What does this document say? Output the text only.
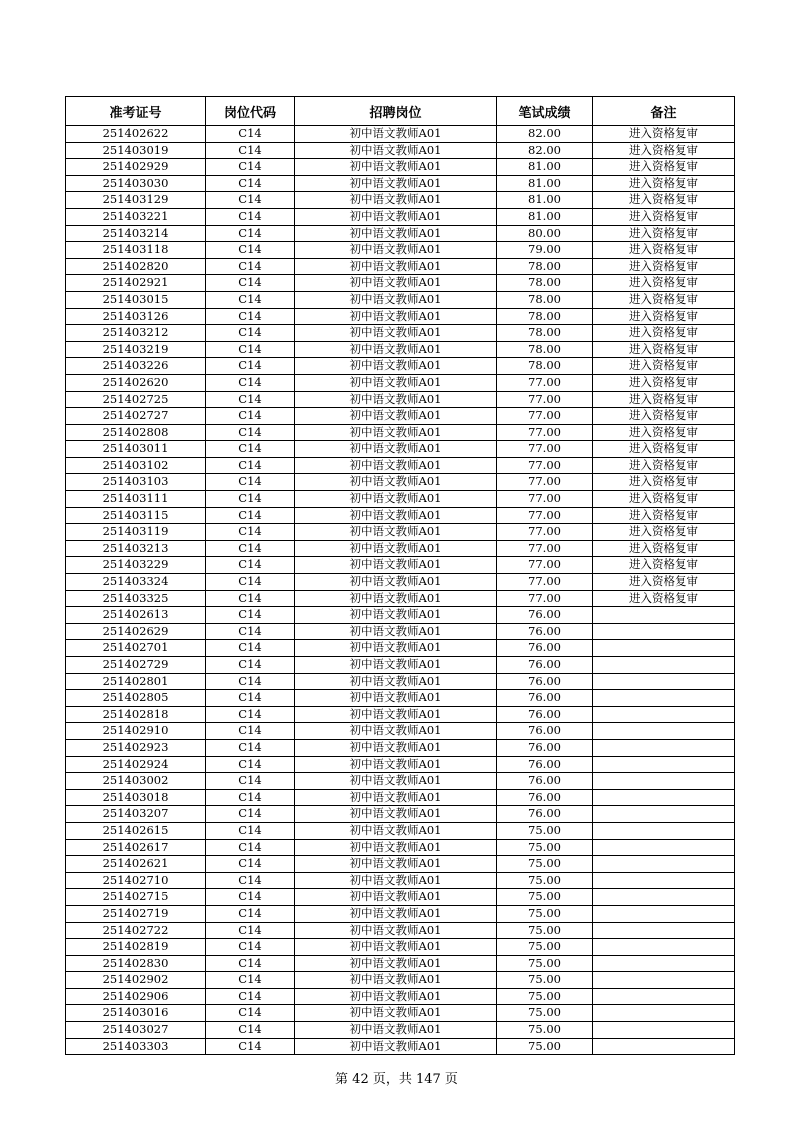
准考证号	岗位代码	招聘岗位	笔试成绩	备注
251402622	C14	初中语文教师A01	82.00	进入资格复审
251403019	C14	初中语文教师A01	82.00	进入资格复审
251402929	C14	初中语文教师A01	81.00	进入资格复审
251403030	C14	初中语文教师A01	81.00	进入资格复审
251403129	C14	初中语文教师A01	81.00	进入资格复审
251403221	C14	初中语文教师A01	81.00	进入资格复审
251403214	C14	初中语文教师A01	80.00	进入资格复审
251403118	C14	初中语文教师A01	79.00	进入资格复审
251402820	C14	初中语文教师A01	78.00	进入资格复审
251402921	C14	初中语文教师A01	78.00	进入资格复审
251403015	C14	初中语文教师A01	78.00	进入资格复审
251403126	C14	初中语文教师A01	78.00	进入资格复审
251403212	C14	初中语文教师A01	78.00	进入资格复审
251403219	C14	初中语文教师A01	78.00	进入资格复审
251403226	C14	初中语文教师A01	78.00	进入资格复审
251402620	C14	初中语文教师A01	77.00	进入资格复审
251402725	C14	初中语文教师A01	77.00	进入资格复审
251402727	C14	初中语文教师A01	77.00	进入资格复审
251402808	C14	初中语文教师A01	77.00	进入资格复审
251403011	C14	初中语文教师A01	77.00	进入资格复审
251403102	C14	初中语文教师A01	77.00	进入资格复审
251403103	C14	初中语文教师A01	77.00	进入资格复审
251403111	C14	初中语文教师A01	77.00	进入资格复审
251403115	C14	初中语文教师A01	77.00	进入资格复审
251403119	C14	初中语文教师A01	77.00	进入资格复审
251403213	C14	初中语文教师A01	77.00	进入资格复审
251403229	C14	初中语文教师A01	77.00	进入资格复审
251403324	C14	初中语文教师A01	77.00	进入资格复审
251403325	C14	初中语文教师A01	77.00	进入资格复审
251402613	C14	初中语文教师A01	76.00	
251402629	C14	初中语文教师A01	76.00	
251402701	C14	初中语文教师A01	76.00	
251402729	C14	初中语文教师A01	76.00	
251402801	C14	初中语文教师A01	76.00	
251402805	C14	初中语文教师A01	76.00	
251402818	C14	初中语文教师A01	76.00	
251402910	C14	初中语文教师A01	76.00	
251402923	C14	初中语文教师A01	76.00	
251402924	C14	初中语文教师A01	76.00	
251403002	C14	初中语文教师A01	76.00	
251403018	C14	初中语文教师A01	76.00	
251403207	C14	初中语文教师A01	76.00	
251402615	C14	初中语文教师A01	75.00	
251402617	C14	初中语文教师A01	75.00	
251402621	C14	初中语文教师A01	75.00	
251402710	C14	初中语文教师A01	75.00	
251402715	C14	初中语文教师A01	75.00	
251402719	C14	初中语文教师A01	75.00	
251402722	C14	初中语文教师A01	75.00	
251402819	C14	初中语文教师A01	75.00	
251402830	C14	初中语文教师A01	75.00	
251402902	C14	初中语文教师A01	75.00	
251402906	C14	初中语文教师A01	75.00	
251403016	C14	初中语文教师A01	75.00	
251403027	C14	初中语文教师A01	75.00	
251403303	C14	初中语文教师A01	75.00	
第 42 页，共 147 页
